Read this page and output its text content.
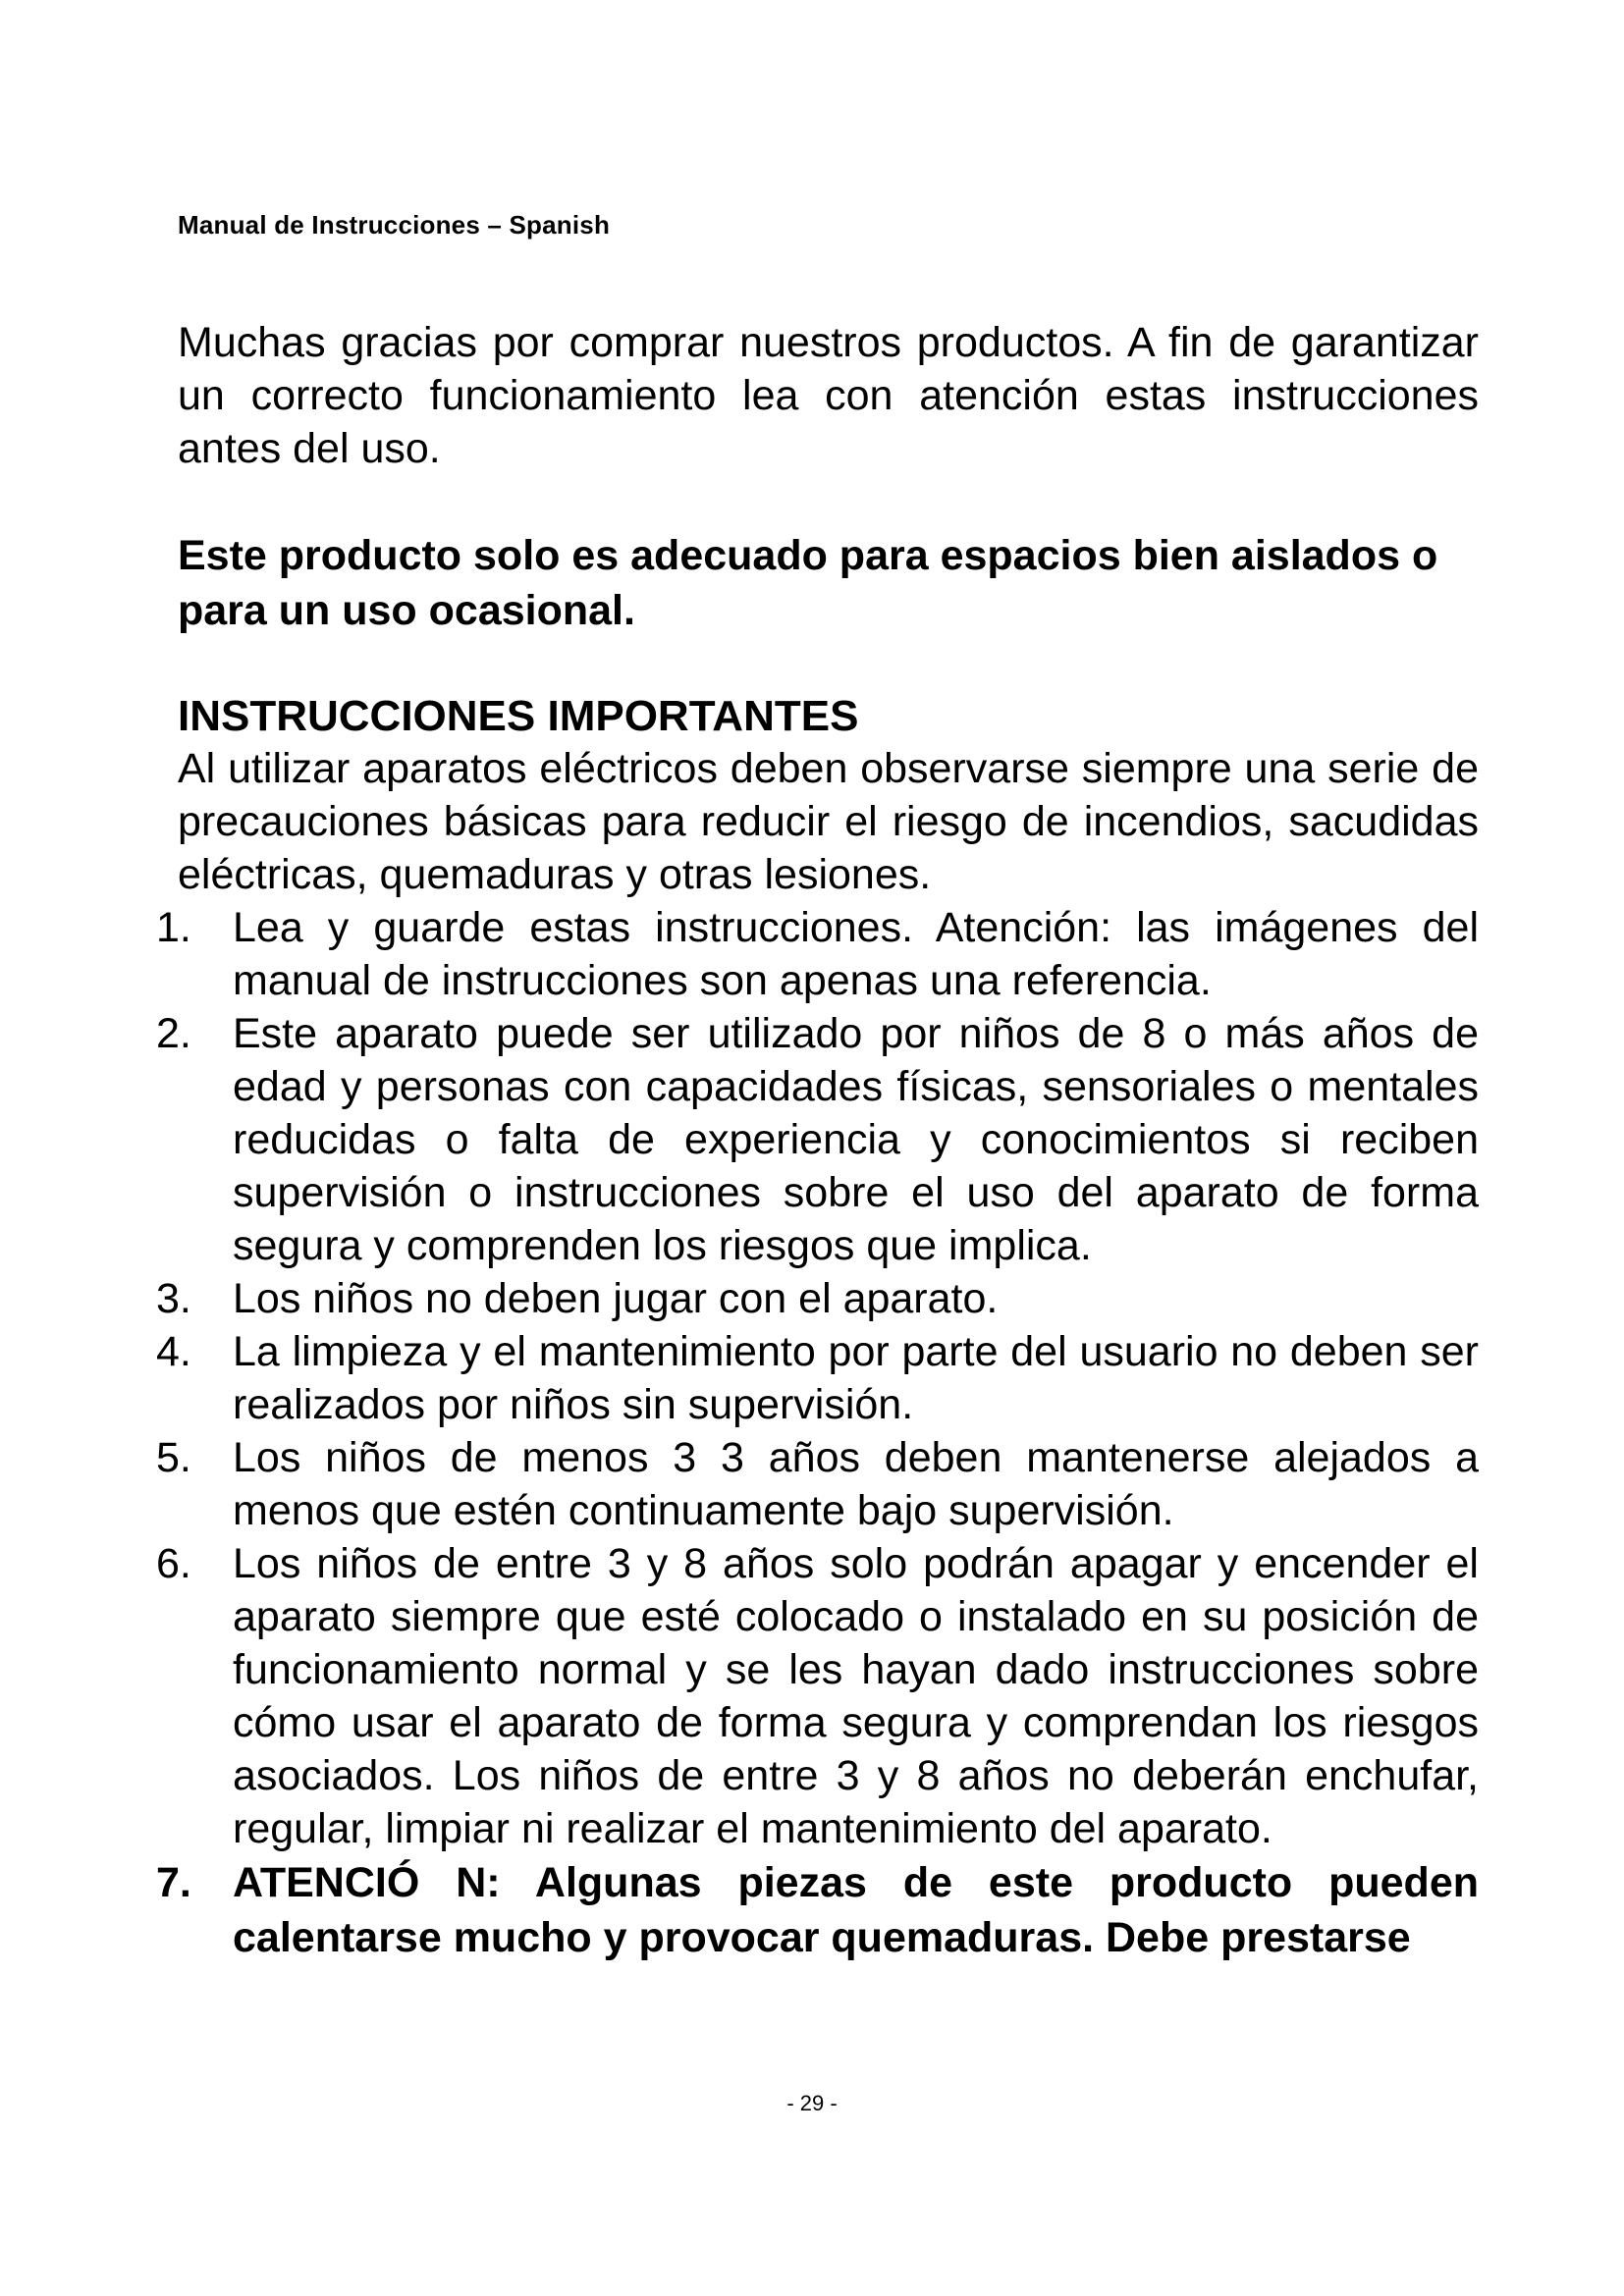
Manual de Instrucciones – Spanish

Muchas gracias por comprar nuestros productos. A fin de garantizar un correcto funcionamiento lea con atención estas instrucciones antes del uso.

Este producto solo es adecuado para espacios bien aislados o para un uso ocasional.

INSTRUCCIONES IMPORTANTES

Al utilizar aparatos eléctricos deben observarse siempre una serie de precauciones básicas para reducir el riesgo de incendios, sacudidas eléctricas, quemaduras y otras lesiones.

1. Lea y guarde estas instrucciones. Atención: las imágenes del manual de instrucciones son apenas una referencia.
2. Este aparato puede ser utilizado por niños de 8 o más años de edad y personas con capacidades físicas, sensoriales o mentales reducidas o falta de experiencia y conocimientos si reciben supervisión o instrucciones sobre el uso del aparato de forma segura y comprenden los riesgos que implica.
3. Los niños no deben jugar con el aparato.
4. La limpieza y el mantenimiento por parte del usuario no deben ser realizados por niños sin supervisión.
5. Los niños de menos 3 3 años deben mantenerse alejados a menos que estén continuamente bajo supervisión.
6. Los niños de entre 3 y 8 años solo podrán apagar y encender el aparato siempre que esté colocado o instalado en su posición de funcionamiento normal y se les hayan dado instrucciones sobre cómo usar el aparato de forma segura y comprendan los riesgos asociados. Los niños de entre 3 y 8 años no deberán enchufar, regular, limpiar ni realizar el mantenimiento del aparato.
7. ATENCIÓ N: Algunas piezas de este producto pueden calentarse mucho y provocar quemaduras. Debe prestarse
- 29 -
